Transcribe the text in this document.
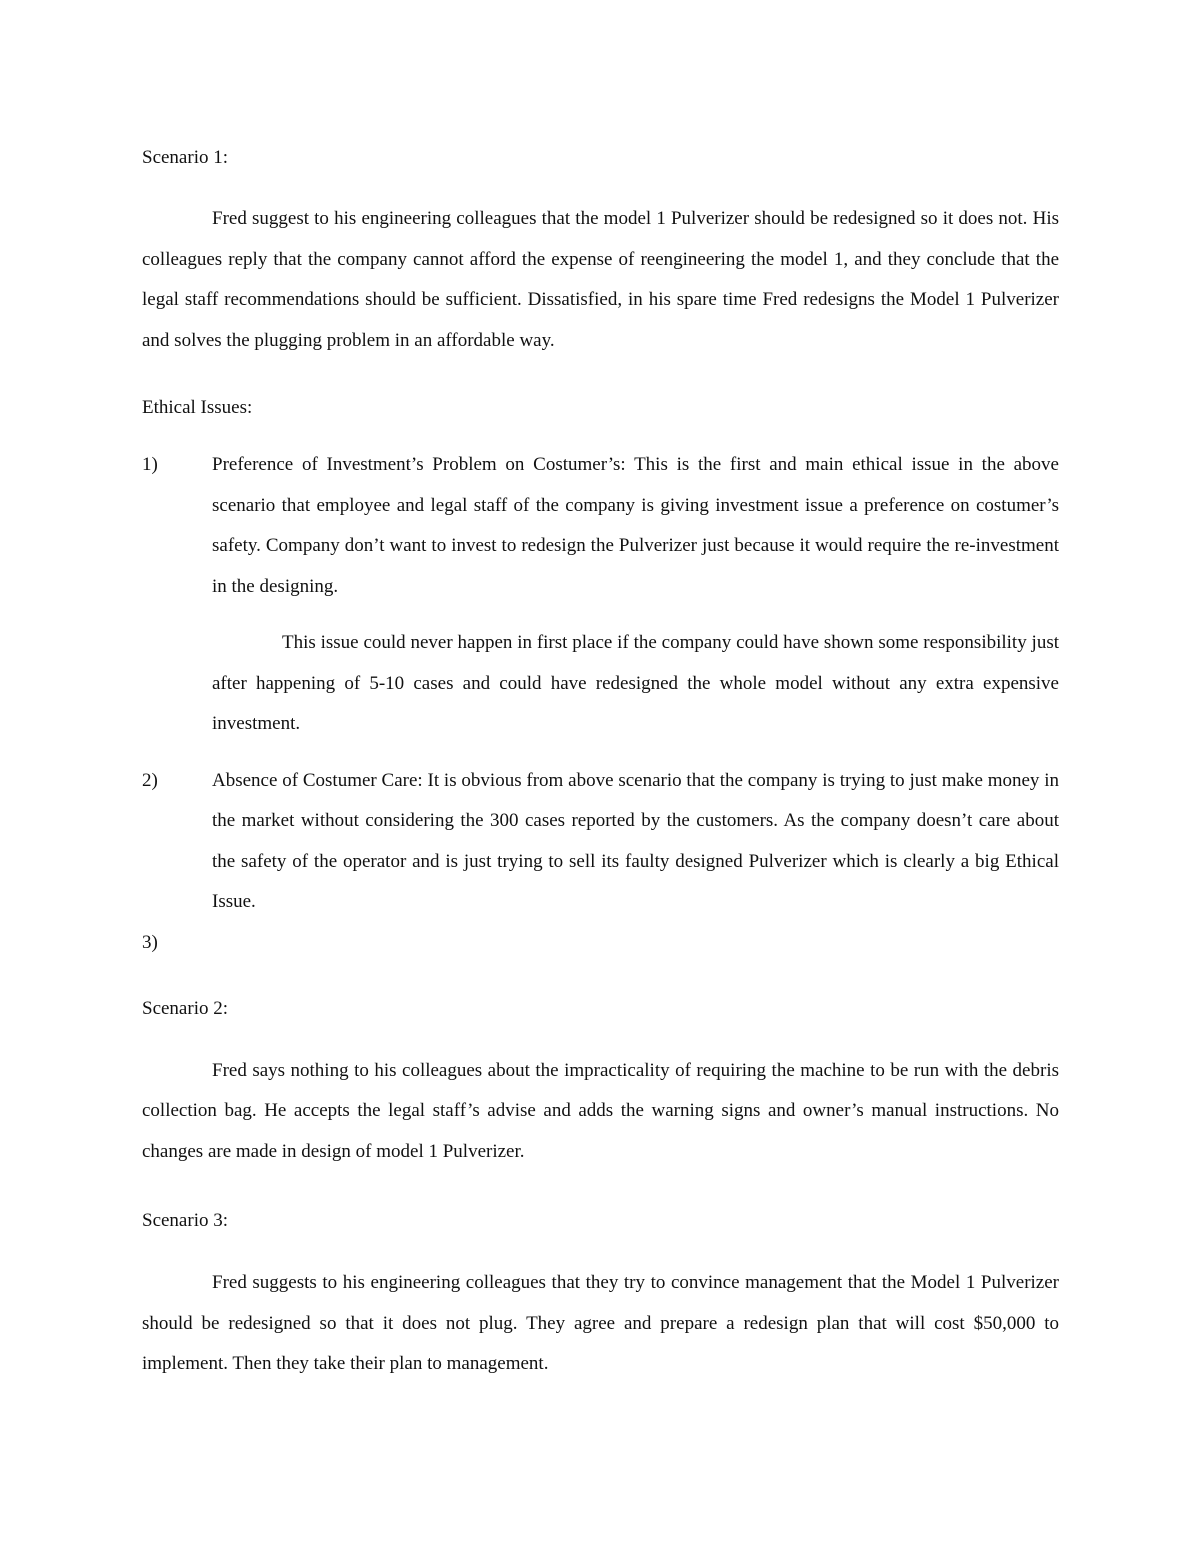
Scenario 1:

Fred suggest to his engineering colleagues that the model 1 Pulverizer should be redesigned so it does not. His colleagues reply that the company cannot afford the expense of reengineering the model 1, and they conclude that the legal staff recommendations should be sufficient. Dissatisfied, in his spare time Fred redesigns the Model 1 Pulverizer and solves the plugging problem in an affordable way.

Ethical Issues:

1)	Preference of Investment’s Problem on Costumer’s: This is the first and main ethical issue in the above scenario that employee and legal staff of the company is giving investment issue a preference on costumer’s safety. Company don’t want to invest to redesign the Pulverizer just because it would require the re-investment in the designing.

This issue could never happen in first place if the company could have shown some responsibility just after happening of 5-10 cases and could have redesigned the whole model without any extra expensive investment.

2)	Absence of Costumer Care: It is obvious from above scenario that the company is trying to just make money in the market without considering the 300 cases reported by the customers. As the company doesn’t care about the safety of the operator and is just trying to sell its faulty designed Pulverizer which is clearly a big Ethical Issue.

3)

Scenario 2:

Fred says nothing to his colleagues about the impracticality of requiring the machine to be run with the debris collection bag. He accepts the legal staff’s advise and adds the warning signs and owner’s manual instructions. No changes are made in design of model 1 Pulverizer.

Scenario 3:

Fred suggests to his engineering colleagues that they try to convince management that the Model 1 Pulverizer should be redesigned so that it does not plug. They agree and prepare a redesign plan that will cost $50,000 to implement. Then they take their plan to management.
